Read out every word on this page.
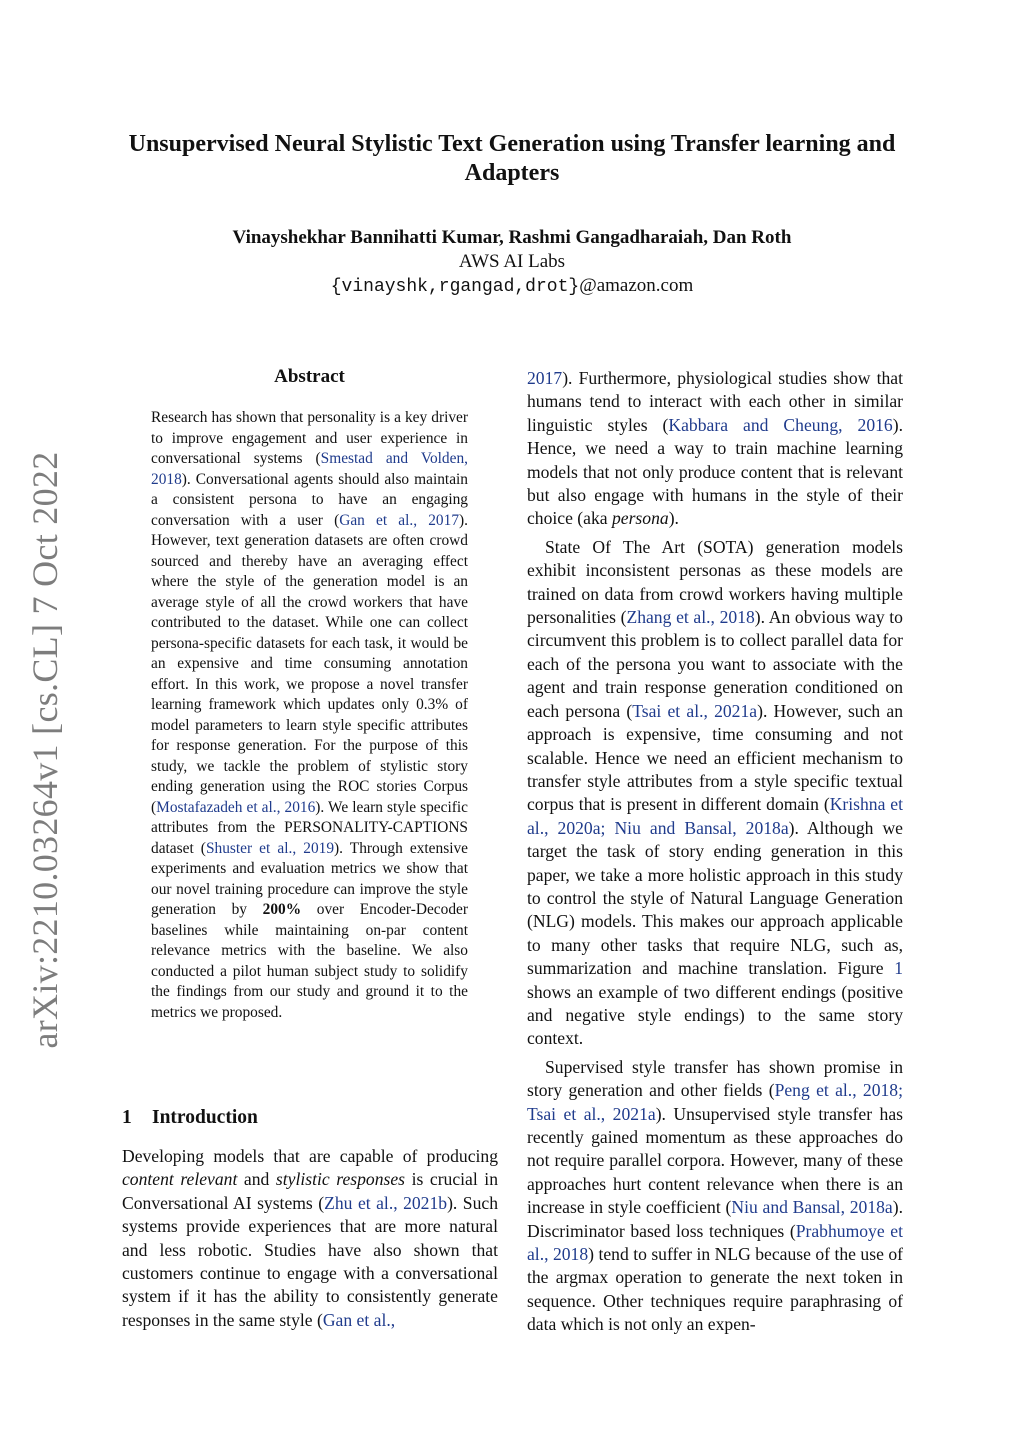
arXiv:2210.03264v1 [cs.CL] 7 Oct 2022
Unsupervised Neural Stylistic Text Generation using Transfer learning and Adapters
Vinayshekhar Bannihatti Kumar, Rashmi Gangadharaiah, Dan Roth
AWS AI Labs
{vinayshk,rgangad,drot}@amazon.com
Abstract
Research has shown that personality is a key driver to improve engagement and user experience in conversational systems (Smestad and Volden, 2018). Conversational agents should also maintain a consistent persona to have an engaging conversation with a user (Gan et al., 2017). However, text generation datasets are often crowd sourced and thereby have an averaging effect where the style of the generation model is an average style of all the crowd workers that have contributed to the dataset. While one can collect persona-specific datasets for each task, it would be an expensive and time consuming annotation effort. In this work, we propose a novel transfer learning framework which updates only 0.3% of model parameters to learn style specific attributes for response generation. For the purpose of this study, we tackle the problem of stylistic story ending generation using the ROC stories Corpus (Mostafazadeh et al., 2016). We learn style specific attributes from the PERSONALITY-CAPTIONS dataset (Shuster et al., 2019). Through extensive experiments and evaluation metrics we show that our novel training procedure can improve the style generation by 200% over Encoder-Decoder baselines while maintaining on-par content relevance metrics with the baseline. We also conducted a pilot human subject study to solidify the findings from our study and ground it to the metrics we proposed.
1 Introduction
Developing models that are capable of producing content relevant and stylistic responses is crucial in Conversational AI systems (Zhu et al., 2021b). Such systems provide experiences that are more natural and less robotic. Studies have also shown that customers continue to engage with a conversational system if it has the ability to consistently generate responses in the same style (Gan et al.,

2017). Furthermore, physiological studies show that humans tend to interact with each other in similar linguistic styles (Kabbara and Cheung, 2016). Hence, we need a way to train machine learning models that not only produce content that is relevant but also engage with humans in the style of their choice (aka persona).

State Of The Art (SOTA) generation models exhibit inconsistent personas as these models are trained on data from crowd workers having multiple personalities (Zhang et al., 2018). An obvious way to circumvent this problem is to collect parallel data for each of the persona you want to associate with the agent and train response generation conditioned on each persona (Tsai et al., 2021a). However, such an approach is expensive, time consuming and not scalable. Hence we need an efficient mechanism to transfer style attributes from a style specific textual corpus that is present in different domain (Krishna et al., 2020a; Niu and Bansal, 2018a). Although we target the task of story ending generation in this paper, we take a more holistic approach in this study to control the style of Natural Language Generation (NLG) models. This makes our approach applicable to many other tasks that require NLG, such as, summarization and machine translation. Figure 1 shows an example of two different endings (positive and negative style endings) to the same story context.

Supervised style transfer has shown promise in story generation and other fields (Peng et al., 2018; Tsai et al., 2021a). Unsupervised style transfer has recently gained momentum as these approaches do not require parallel corpora. However, many of these approaches hurt content relevance when there is an increase in style coefficient (Niu and Bansal, 2018a). Discriminator based loss techniques (Prabhumoye et al., 2018) tend to suffer in NLG because of the use of the argmax operation to generate the next token in sequence. Other techniques require paraphrasing of data which is not only an expen-
